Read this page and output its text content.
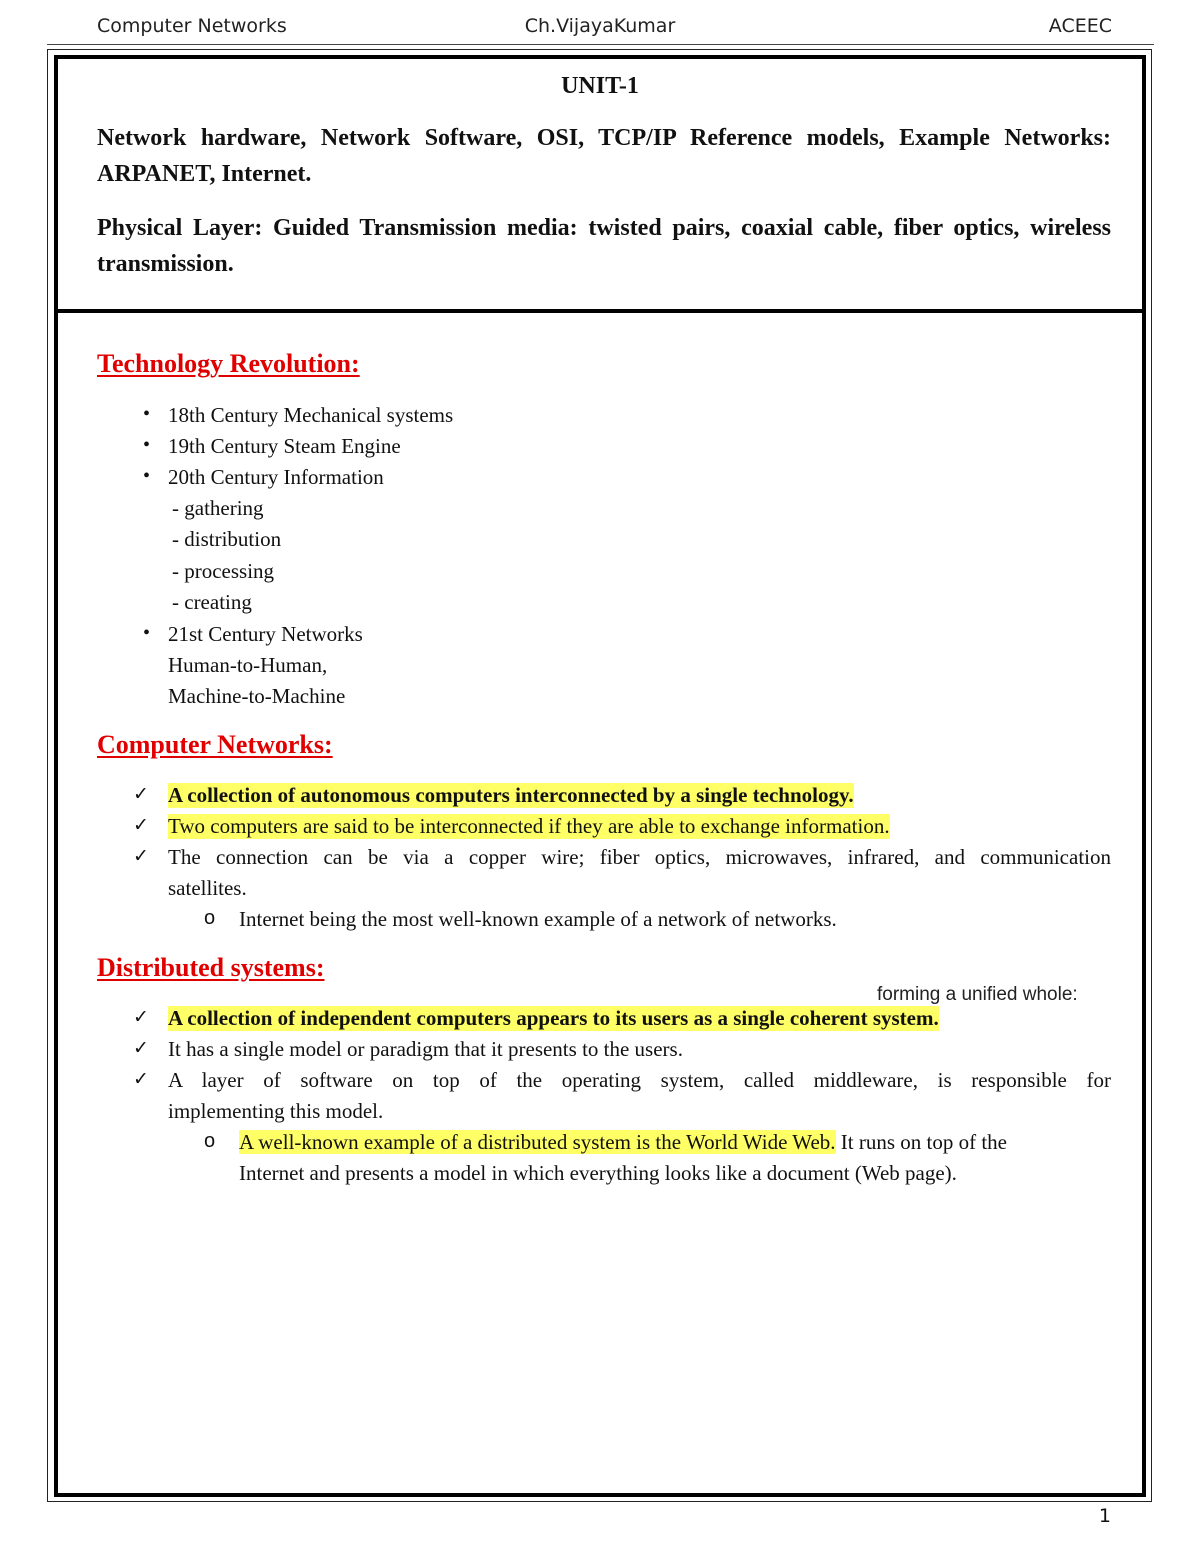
Computer Networks	Ch.VijayaKumar	ACEEC
UNIT-1
Network hardware, Network Software, OSI, TCP/IP Reference models, Example Networks: ARPANET, Internet.
Physical Layer: Guided Transmission media: twisted pairs, coaxial cable, fiber optics, wireless transmission.
Technology Revolution:
• 18th Century Mechanical systems
• 19th Century Steam Engine
• 20th Century Information
- gathering
- distribution
- processing
- creating
• 21st Century Networks
Human-to-Human,
Machine-to-Machine
Computer Networks:
✓ A collection of autonomous computers interconnected by a single technology.
✓ Two computers are said to be interconnected if they are able to exchange information.
✓ The connection can be via a copper wire; fiber optics, microwaves, infrared, and communication
satellites.
o Internet being the most well-known example of a network of networks.
Distributed systems:
forming a unified whole:
✓ A collection of independent computers appears to its users as a single coherent system.
✓ It has a single model or paradigm that it presents to the users.
✓ A layer of software on top of the operating system, called middleware, is responsible for
implementing this model.
o A well-known example of a distributed system is the World Wide Web. It runs on top of the
Internet and presents a model in which everything looks like a document (Web page).
1
